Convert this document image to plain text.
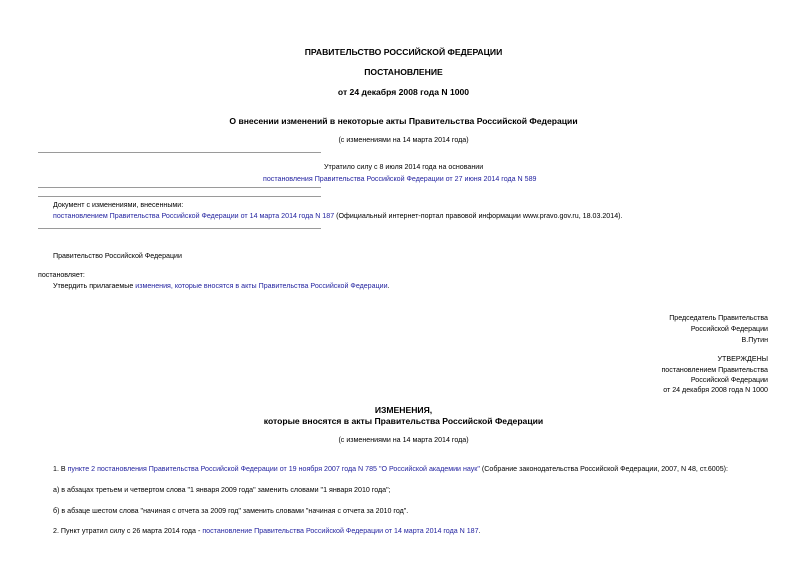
ПРАВИТЕЛЬСТВО РОССИЙСКОЙ ФЕДЕРАЦИИ
ПОСТАНОВЛЕНИЕ
от 24 декабря 2008 года N 1000
О внесении изменений в некоторые акты Правительства Российской Федерации
(с изменениями на 14 марта 2014 года)
Утратило силу с 8 июля 2014 года на основании
постановления Правительства Российской Федерации от 27 июня 2014 года N 589
Документ с изменениями, внесенными:
постановлением Правительства Российской Федерации от 14 марта 2014 года N 187 (Официальный интернет-портал правовой информации www.pravo.gov.ru, 18.03.2014).
Правительство Российской Федерации
постановляет:
Утвердить прилагаемые изменения, которые вносятся в акты Правительства Российской Федерации.
Председатель Правительства
Российской Федерации
В.Путин
УТВЕРЖДЕНЫ
постановлением Правительства
Российской Федерации
от 24 декабря 2008 года N 1000
ИЗМЕНЕНИЯ,
которые вносятся в акты Правительства Российской Федерации
(с изменениями на 14 марта 2014 года)
1. В пункте 2 постановления Правительства Российской Федерации от 19 ноября 2007 года N 785 "О Российской академии наук" (Собрание законодательства Российской Федерации, 2007, N 48, ст.6005):
а) в абзацах третьем и четвертом слова "1 января 2009 года" заменить словами "1 января 2010 года";
б) в абзаце шестом слова "начиная с отчета за 2009 год" заменить словами "начиная с отчета за 2010 год".
2. Пункт утратил силу с 26 марта 2014 года - постановление Правительства Российской Федерации от 14 марта 2014 года N 187.
